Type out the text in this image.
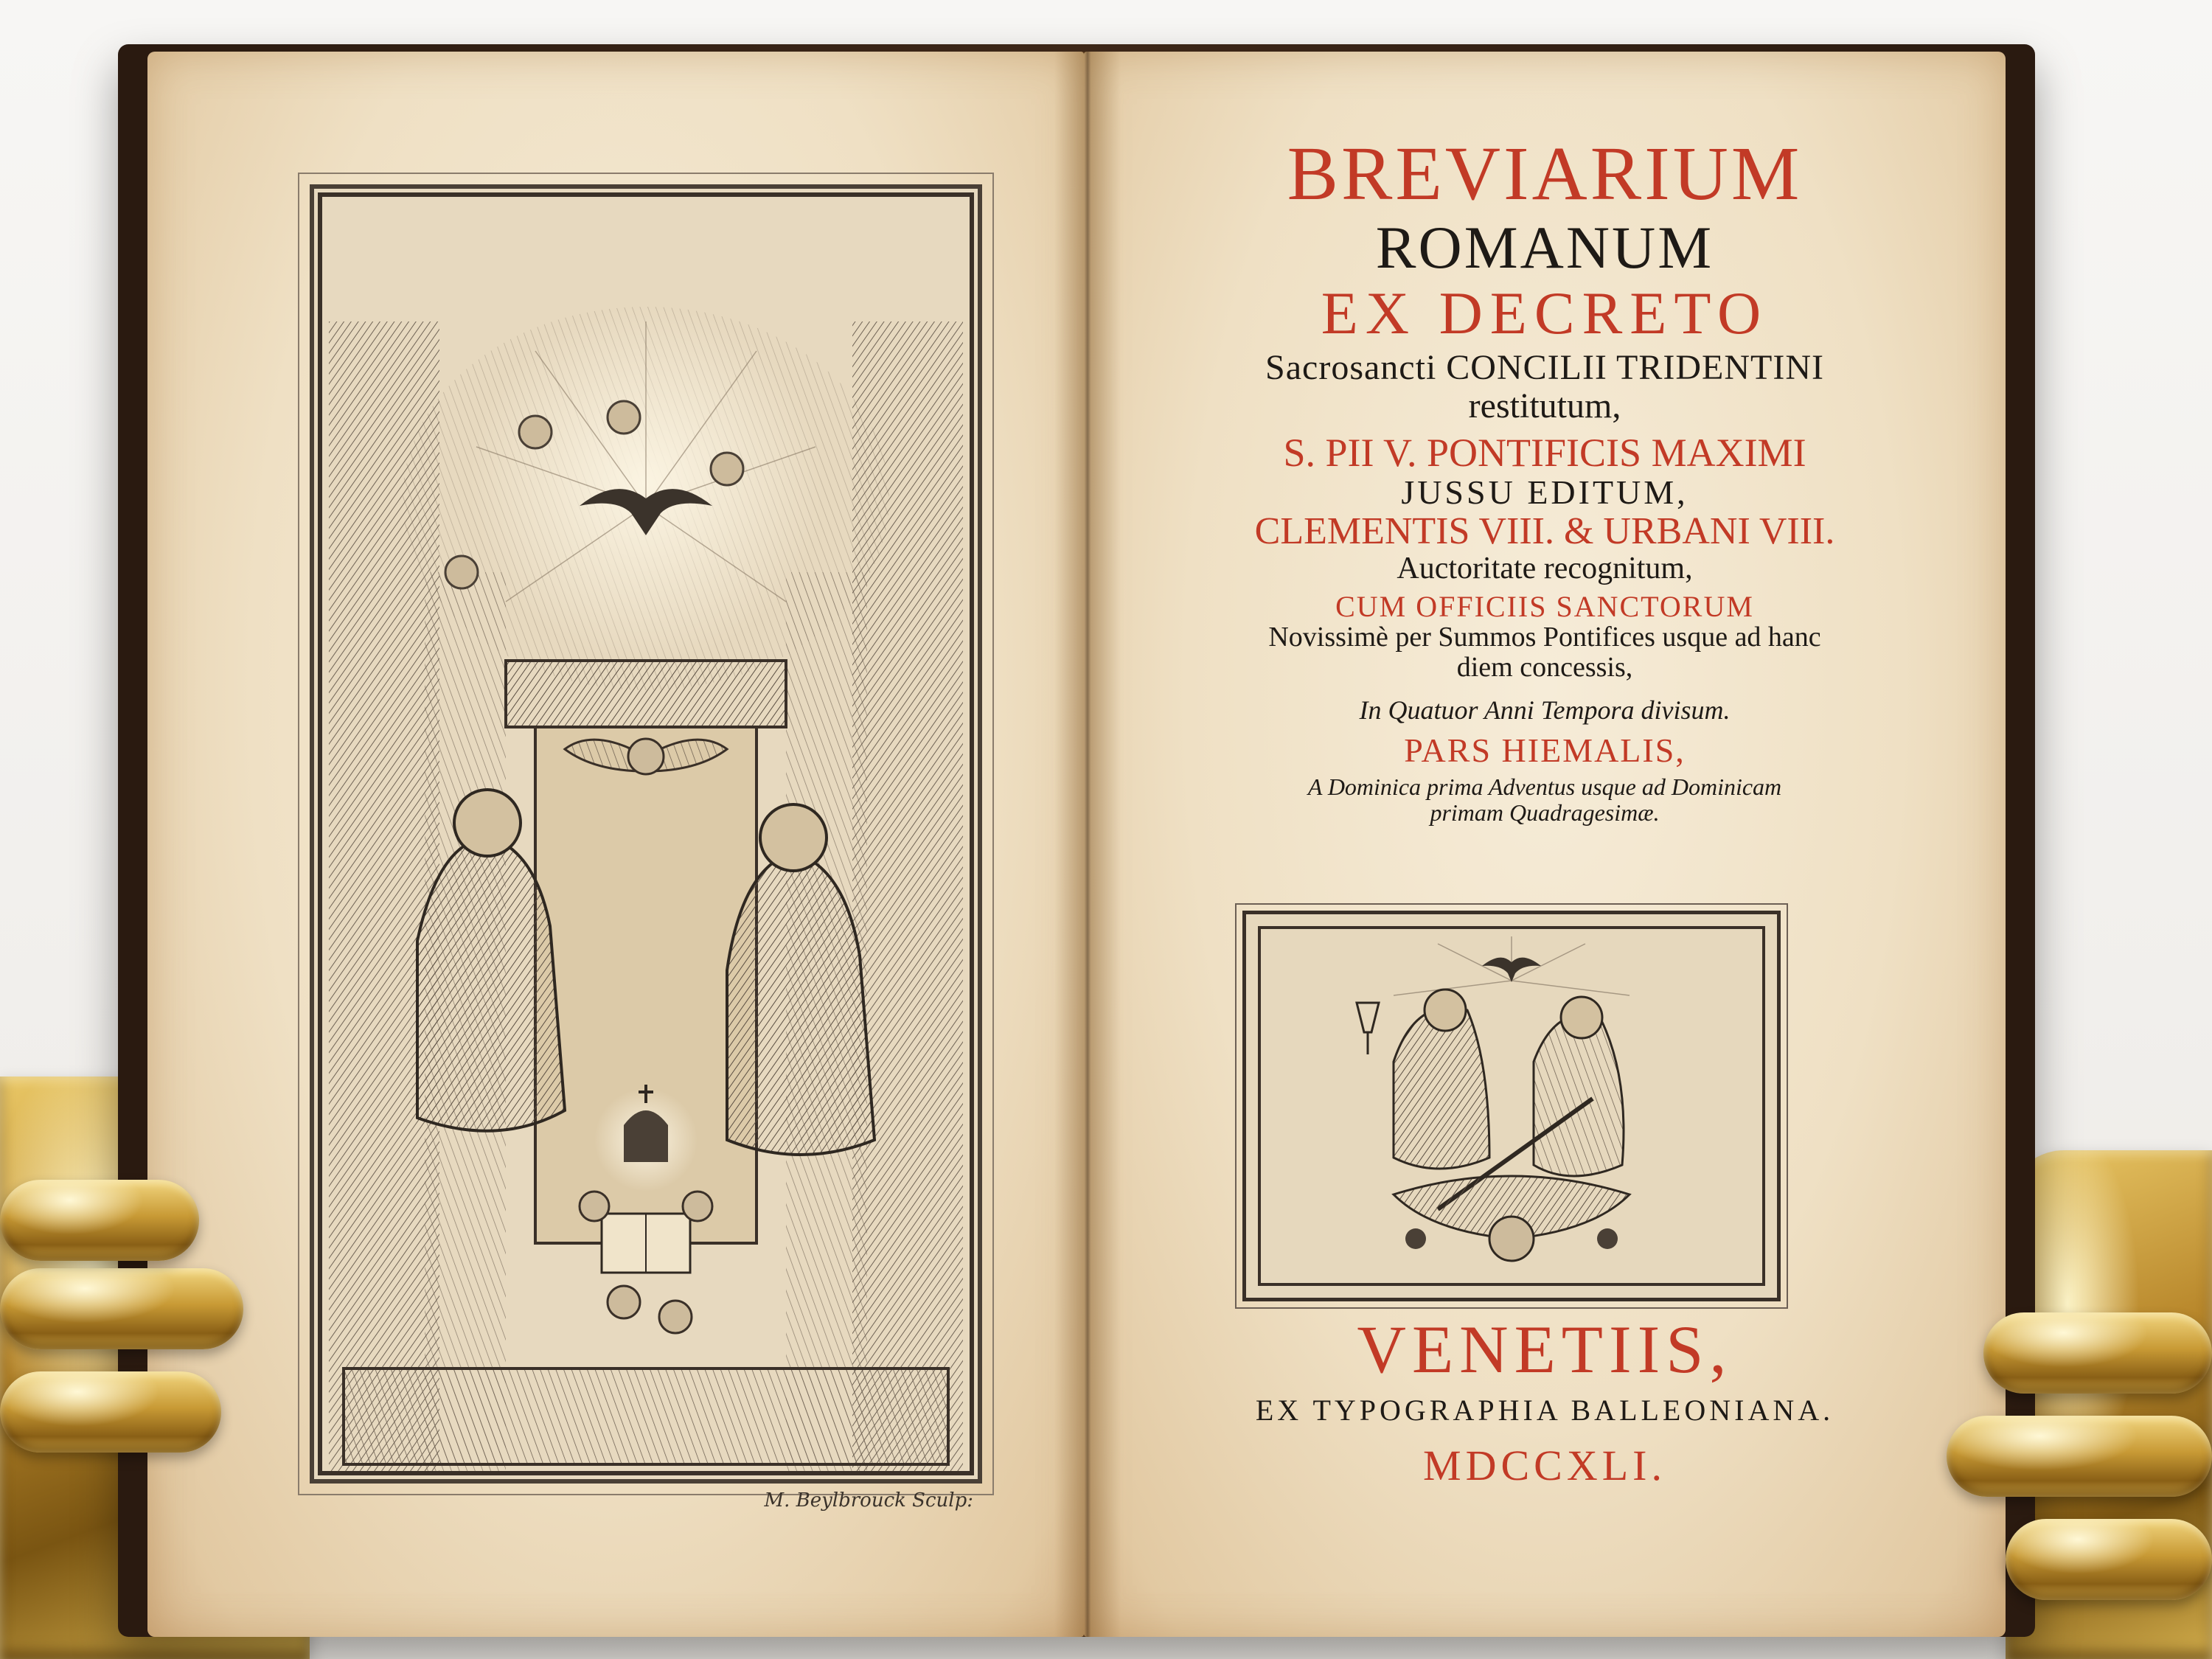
M. Beylbrouck Sculp:
BREVIARIUM
ROMANUM
EX DECRETO
Sacrosancti CONCILII TRIDENTINI
restitutum,
S. PII V. PONTIFICIS MAXIMI
JUSSU EDITUM,
CLEMENTIS VIII. & URBANI VIII.
Auctoritate recognitum,
CUM OFFICIIS SANCTORUM
Novissimè per Summos Pontifices usque ad hanc
diem concessis,
In Quatuor Anni Tempora divisum.
PARS HIEMALIS,
A Dominica prima Adventus usque ad Dominicam
primam Quadragesimæ.
VENETIIS,
EX TYPOGRAPHIA BALLEONIANA.
MDCCXLI.
